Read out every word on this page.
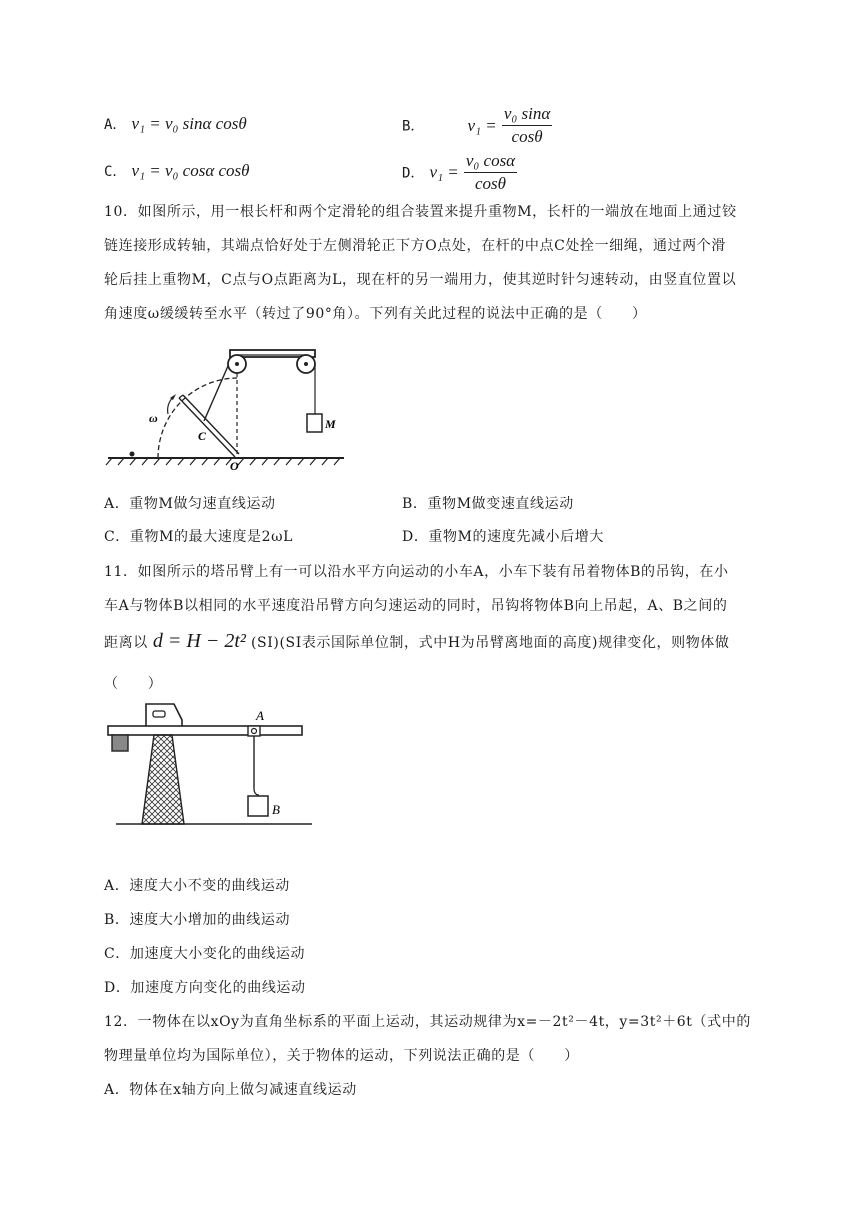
A． v₁ = v₀ sinα cosθ	B．	$v_1 = \frac{\text{v₀ sinα}}{\cos\theta}$
C． v₁ = v₀ cosα cosθ	D． $v_1 = \frac{\text{v₀ cosα}}{\cos\theta}$
10．如图所示，用一根长杆和两个定滑轮的组合装置来提升重物M，长杆的一端放在地面上通过铰
链连接形成转轴，其端点恰好处于左侧滑轮正下方O点处，在杆的中点C处拴一细绳，通过两个滑
轮后挂上重物M，C点与O点距离为L，现在杆的另一端用力，使其逆时针匀速转动，由竖直位置以
角速度ω缓缓转至水平（转过了90°角）。下列有关此过程的说法中正确的是（　　）
ω
C
M
O
A．重物M做匀速直线运动	B．重物M做变速直线运动
C．重物M的最大速度是2ωL	D．重物M的速度先减小后增大
11．如图所示的塔吊臂上有一可以沿水平方向运动的小车A，小车下装有吊着物体B的吊钩，在小
车A与物体B以相同的水平速度沿吊臂方向匀速运动的同时，吊钩将物体B向上吊起，A、B之间的
距离以 d = H − 2t² (SI)(SI表示国际单位制，式中H为吊臂离地面的高度)规律变化，则物体做
（　　）
A
B
A．速度大小不变的曲线运动
B．速度大小增加的曲线运动
C．加速度大小变化的曲线运动
D．加速度方向变化的曲线运动
12．一物体在以xOy为直角坐标系的平面上运动，其运动规律为x=－2t²－4t，y=3t²＋6t（式中的
物理量单位均为国际单位），关于物体的运动，下列说法正确的是（　　）
A．物体在x轴方向上做匀减速直线运动
